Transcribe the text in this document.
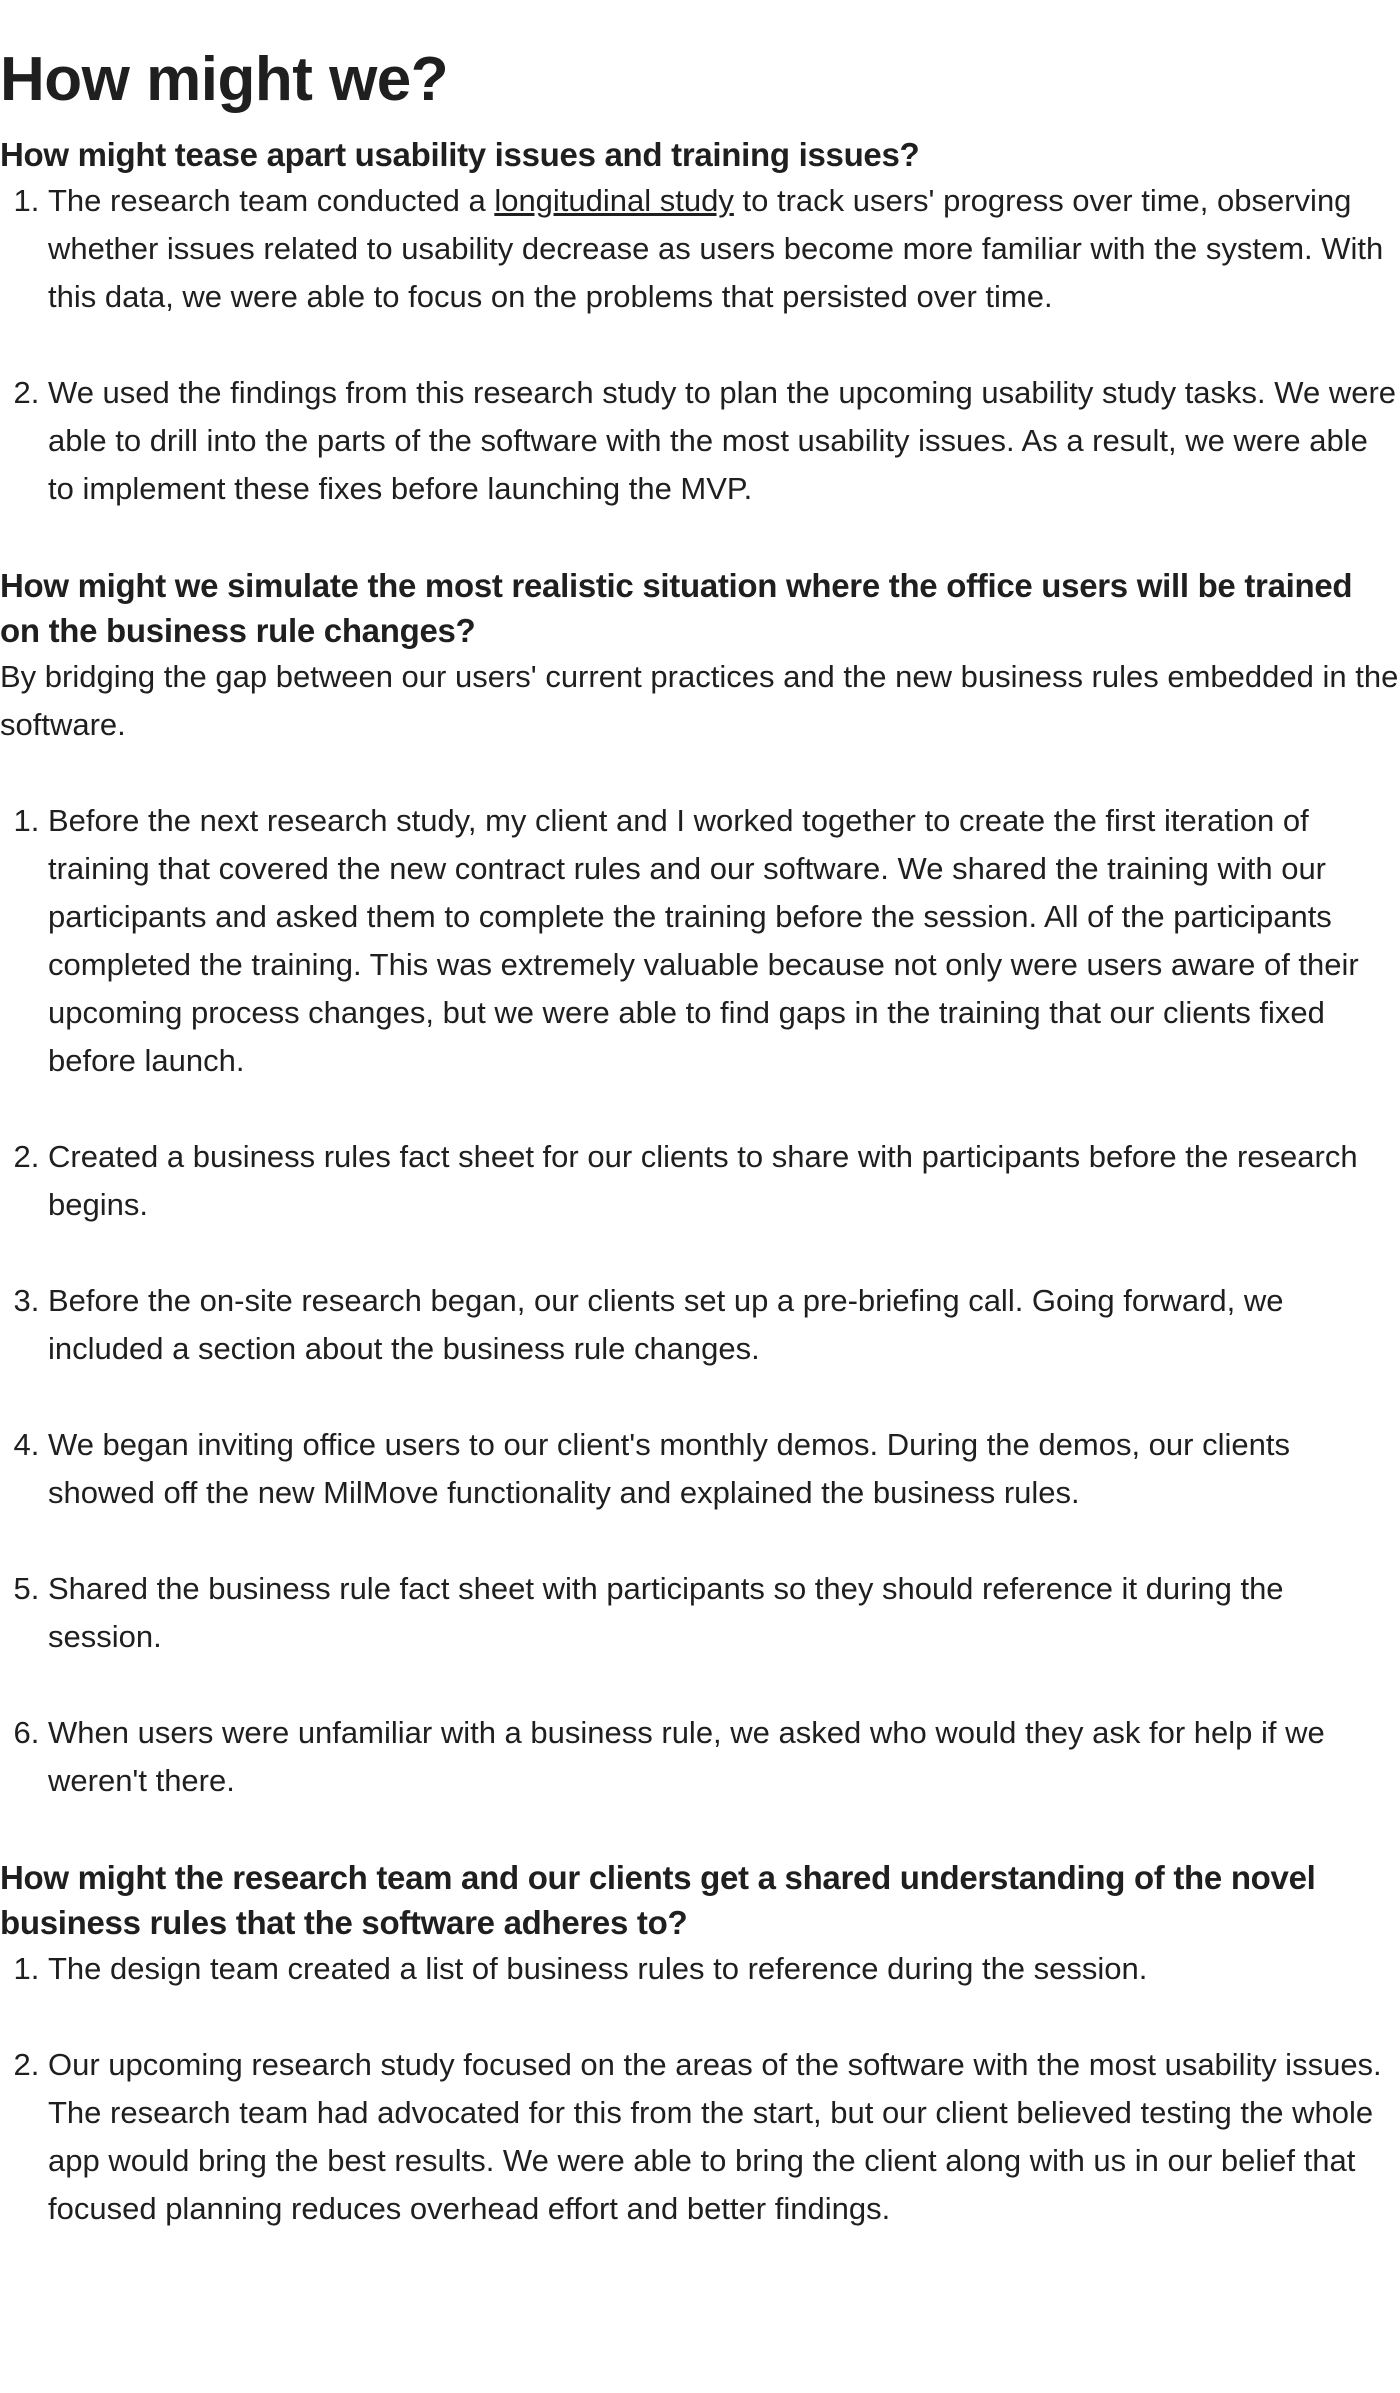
How might we?
How might tease apart usability issues and training issues?
1. The research team conducted a longitudinal study to track users' progress over time, observing whether issues related to usability decrease as users become more familiar with the system. With this data, we were able to focus on the problems that persisted over time.
2. We used the findings from this research study to plan the upcoming usability study tasks. We were able to drill into the parts of the software with the most usability issues. As a result, we were able to implement these fixes before launching the MVP.
How might we simulate the most realistic situation where the office users will be trained on the business rule changes?

By bridging the gap between our users' current practices and the new business rules embedded in the software.

1. Before the next research study, my client and I worked together to create the first iteration of training that covered the new contract rules and our software. We shared the training with our participants and asked them to complete the training before the session. All of the participants completed the training. This was extremely valuable because not only were users aware of their upcoming process changes, but we were able to find gaps in the training that our clients fixed before launch.
2. Created a business rules fact sheet for our clients to share with participants before the research begins.
3. Before the on-site research began, our clients set up a pre-briefing call. Going forward, we included a section about the business rule changes.
4. We began inviting office users to our client's monthly demos. During the demos, our clients showed off the new MilMove functionality and explained the business rules.
5. Shared the business rule fact sheet with participants so they should reference it during the session.
6. When users were unfamiliar with a business rule, we asked who would they ask for help if we weren't there.
How might the research team and our clients get a shared understanding of the novel business rules that the software adheres to?
1. The design team created a list of business rules to reference during the session.
2. Our upcoming research study focused on the areas of the software with the most usability issues. The research team had advocated for this from the start, but our client believed testing the whole app would bring the best results. We were able to bring the client along with us in our belief that focused planning reduces overhead effort and better findings.
